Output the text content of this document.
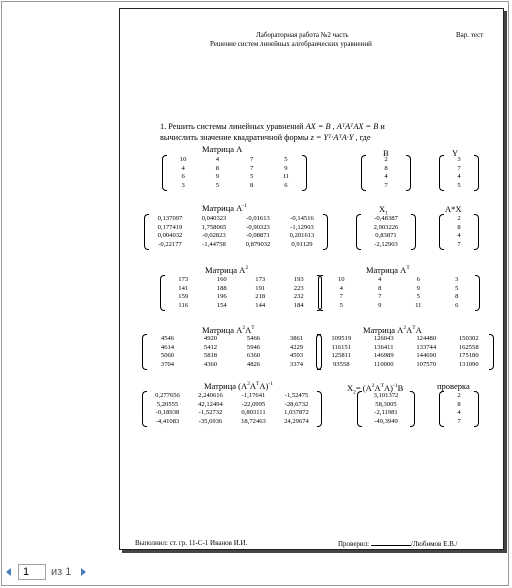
Лабораторная работа №2 часть
Решение систем линейных алгебраических уравнений
Вар. тест
1. Решить системы линейных уравнений AX = B , AᵀAᵀAX = B и
вычислить значение квадратичной формы z = Yᵀ·AᵀA·Y , где
Матрица A
10	4	7	5
4	8	7	9
6	9	5	11
3	5	8	6
B
2
8
4
7
Y
3
7
4
5
Матрица $A^{-1}$
0,137097	0,040323	-0,01613	-0,14516
0,177419	1,758065	-0,90323	-1,12903
0,004032	-0,02823	-0,08871	0,201613
-0,22177	-1,44758	0,879032	0,91129
$X_1$
-0,48387
2,903226
0,83871
-2,12903
A*X
2
8
4
7
Матрица $A^2$
173	160	173	193
141	188	191	223
159	196	218	232
116	154	144	184
Матрица $A^T$
10	4	6	3
4	8	9	5
7	7	5	8
5	9	11	6
Матрица $A^2A^T$
4546	4920	5466	3861
4614	5412	5946	4229
5060	5818	6360	4593
3704	4360	4826	3374
Матрица $A^2A^TA$
109519	126043	124480	150302
116151	136411	133744	162558
125811	146989	144690	175180
93558	110000	107570	131090
Матрица $(A^2A^TA)^{-1}$
0,277656	2,240616	-1,17641	-1,52475
5,20555	42,12494	-22,0995	-28,6732
-0,18938	-1,52732	0,803111	1,037872
-4,41083	-35,6936	18,72463	24,29674
$X_2= (A^2A^TA)^{-1}B$
3,101372
58,3005
-2,11981
-49,3949
проверка
2
8
4
7
Выполнил: ст. гр. 11-С-1 Иванов И.И.	Проверил:	/Любимов Е.В./
1	из 1
